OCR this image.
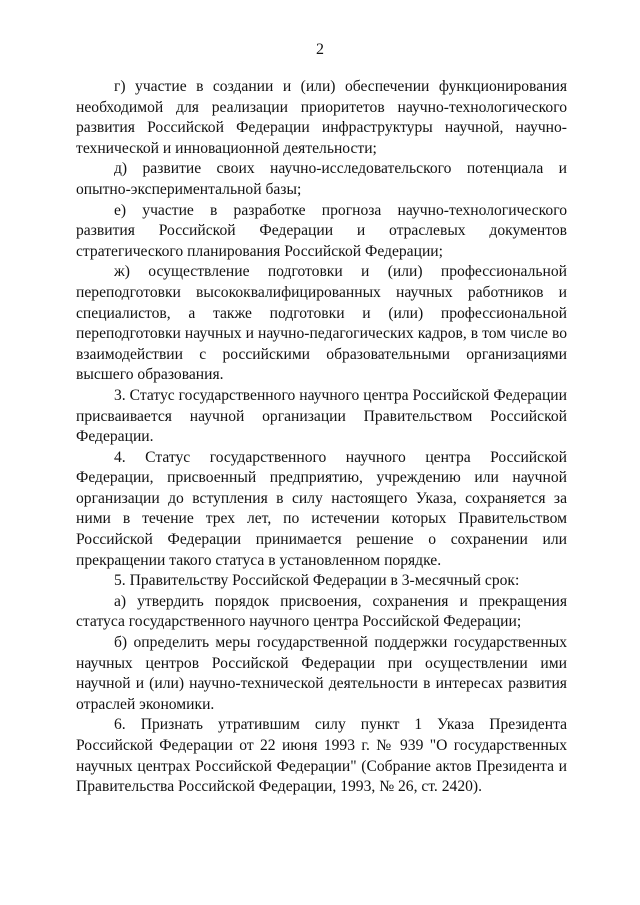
2

г) участие в создании и (или) обеспечении функционирования необходимой для реализации приоритетов научно-технологического развития Российской Федерации инфраструктуры научной, научно-технической и инновационной деятельности;

д) развитие своих научно-исследовательского потенциала и опытно-экспериментальной базы;

е) участие в разработке прогноза научно-технологического развития Российской Федерации и отраслевых документов стратегического планирования Российской Федерации;

ж) осуществление подготовки и (или) профессиональной переподготовки высококвалифицированных научных работников и специалистов, а также подготовки и (или) профессиональной переподготовки научных и научно-педагогических кадров, в том числе во взаимодействии с российскими образовательными организациями высшего образования.

3. Статус государственного научного центра Российской Федерации присваивается научной организации Правительством Российской Федерации.

4. Статус государственного научного центра Российской Федерации, присвоенный предприятию, учреждению или научной организации до вступления в силу настоящего Указа, сохраняется за ними в течение трех лет, по истечении которых Правительством Российской Федерации принимается решение о сохранении или прекращении такого статуса в установленном порядке.

5. Правительству Российской Федерации в 3-месячный срок:

а) утвердить порядок присвоения, сохранения и прекращения статуса государственного научного центра Российской Федерации;

б) определить меры государственной поддержки государственных научных центров Российской Федерации при осуществлении ими научной и (или) научно-технической деятельности в интересах развития отраслей экономики.

6. Признать утратившим силу пункт 1 Указа Президента Российской Федерации от 22 июня 1993 г. № 939 "О государственных научных центрах Российской Федерации" (Собрание актов Президента и Правительства Российской Федерации, 1993, № 26, ст. 2420).
